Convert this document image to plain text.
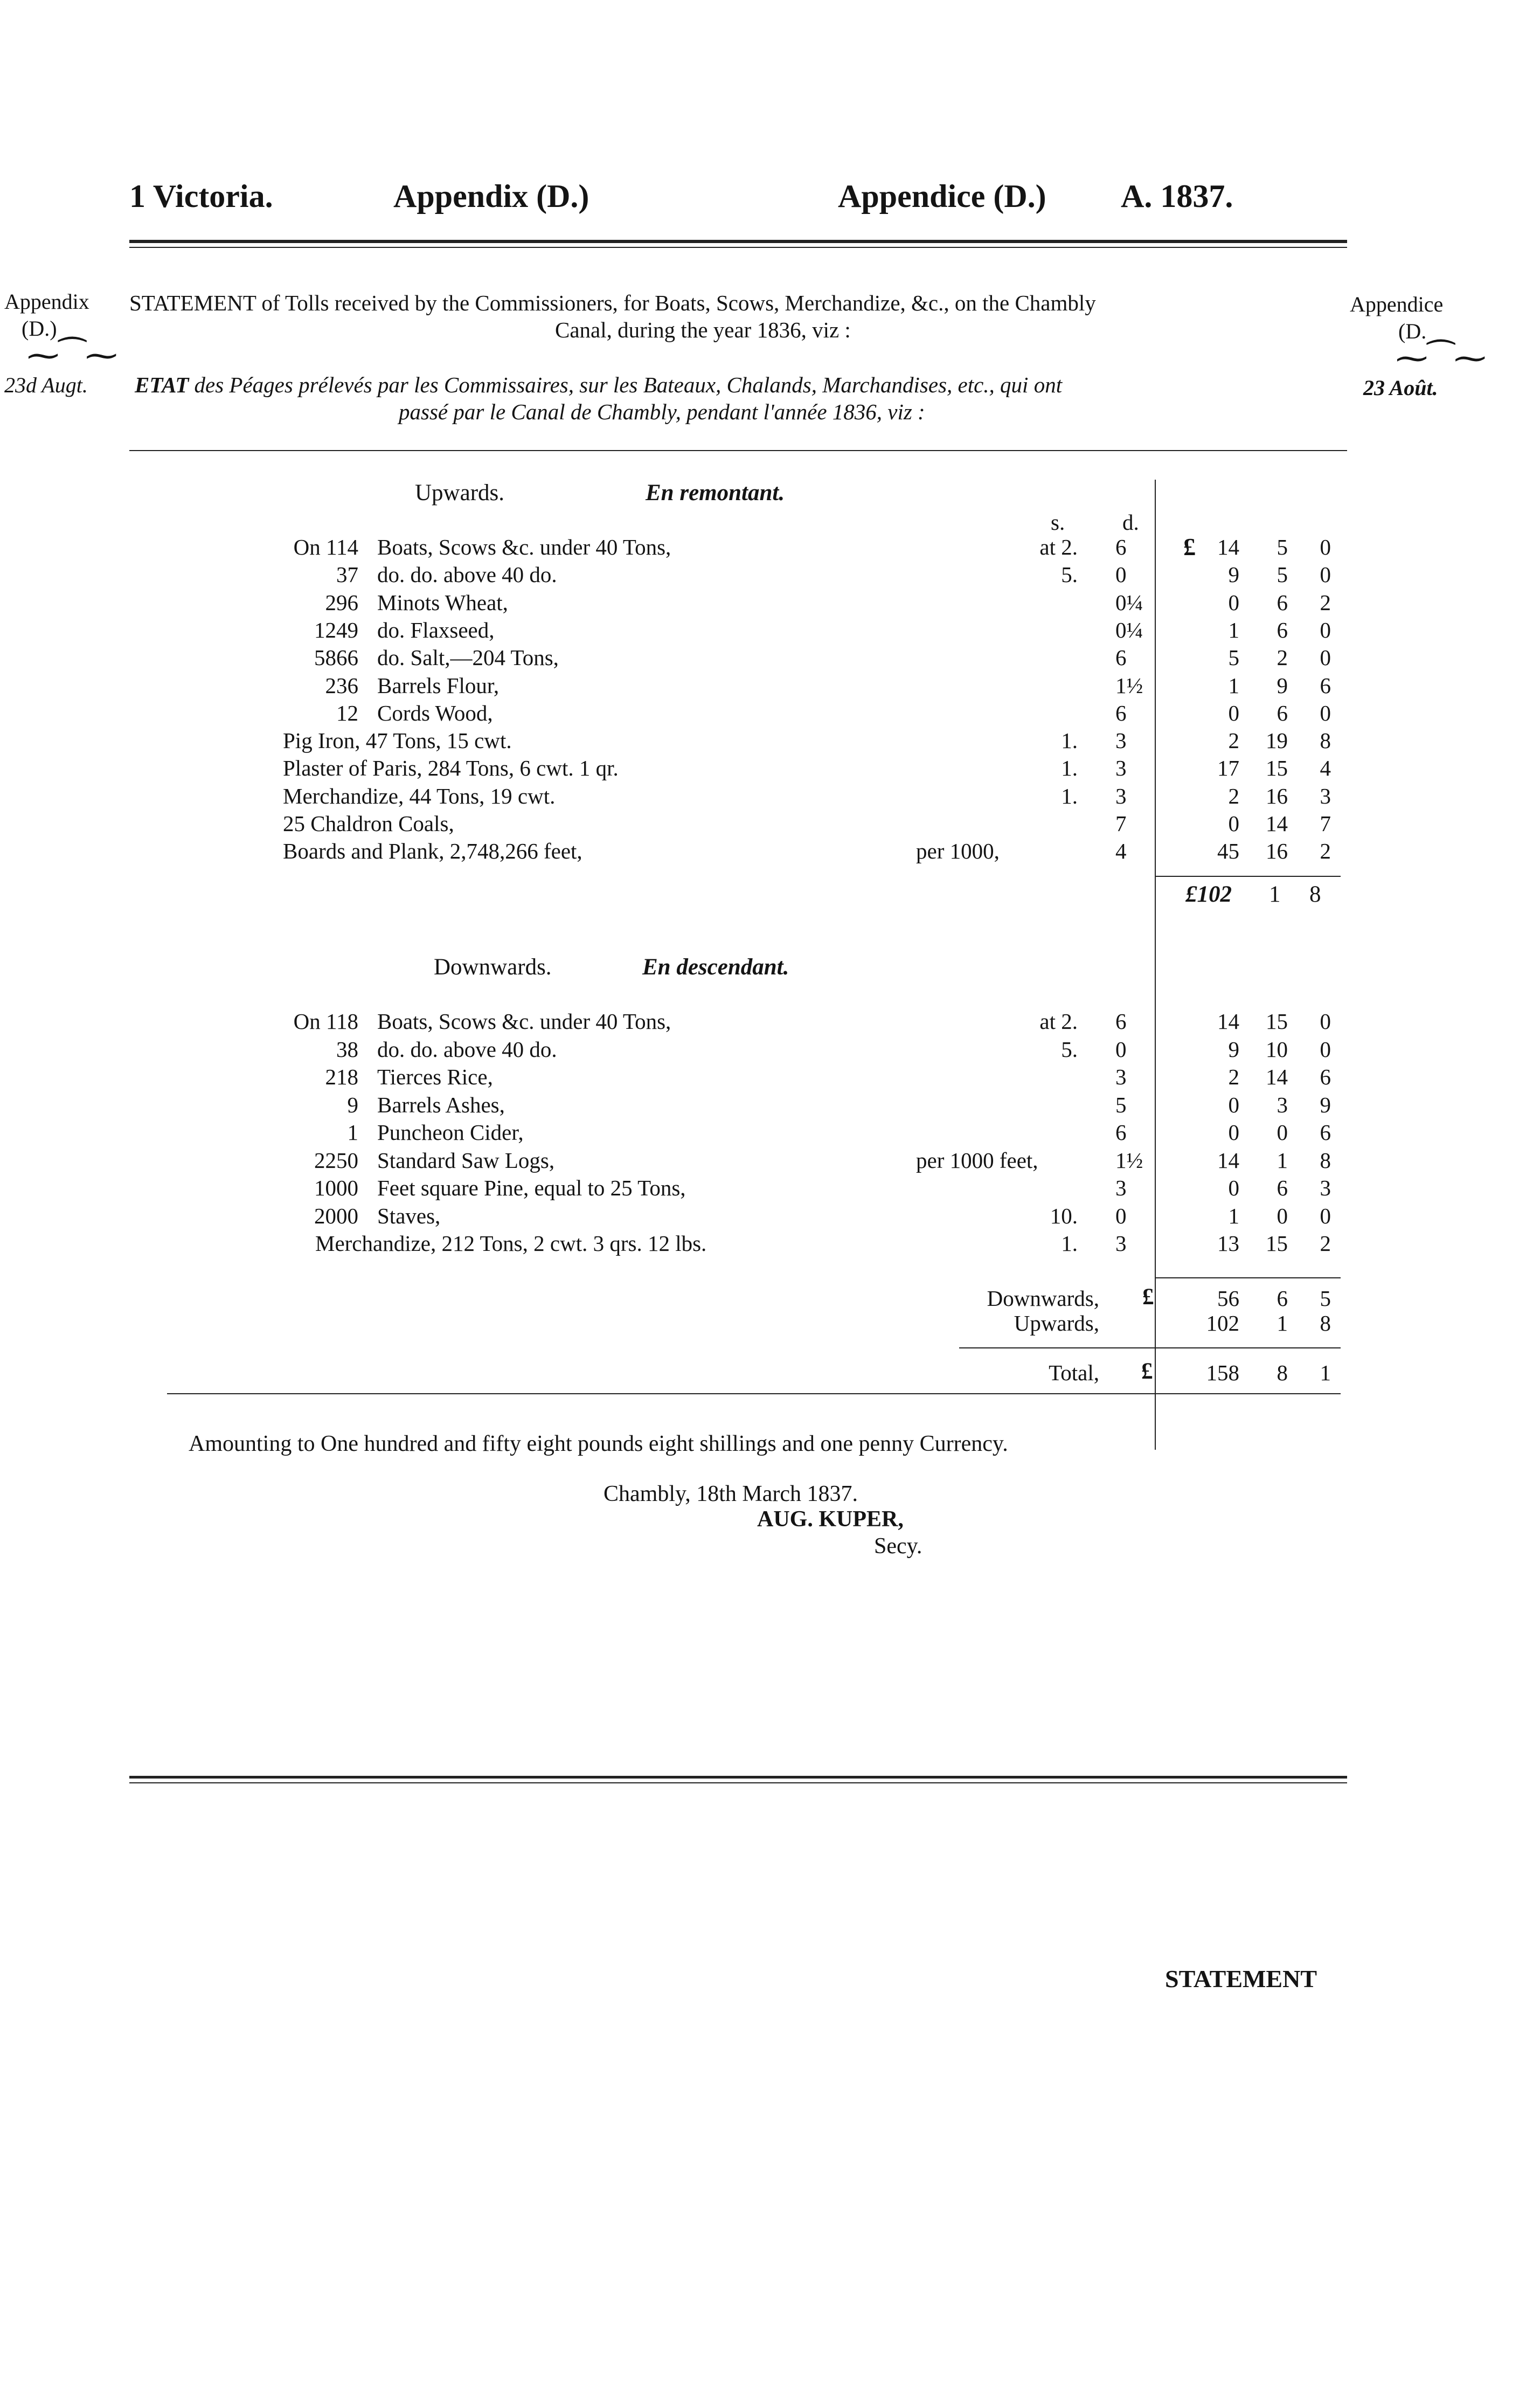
1 Victoria.	Appendix (D.)	Appendice (D.) A. 1837.
Appendix
(D.)
⁓⁀⁓
23d Augt.
Appendice
(D.
⁓⁀⁓
23 Août.
STATEMENT of Tolls received by the Commissioners, for Boats, Scows, Merchandize, &c., on the Chambly
Canal, during the year 1836, viz :
ETAT des Péages prélevés par les Commissaires, sur les Bateaux, Chalands, Marchandises, etc., qui ont
passé par le Canal de Chambly, pendant l'année 1836, viz :
Upwards.	En remontant.
s.	d.
£
On 114 Boats, Scows &c. under 40 Tons,	at 2. 6	14	5	0
37 do. do. above 40 do.	5. 0	9	5	0
296 Minots Wheat,	0¼	0	6	2
1249 do. Flaxseed,	0¼	1	6	0
5866 do. Salt,—204 Tons,	6	5	2	0
236 Barrels Flour,	1½	1	9	6
12 Cords Wood,	6	0	6	0
Pig Iron, 47 Tons, 15 cwt.	1. 3	2	19	8
Plaster of Paris, 284 Tons, 6 cwt. 1 qr.	1. 3	17	15	4
Merchandize, 44 Tons, 19 cwt.	1. 3	2	16	3
25 Chaldron Coals,	7	0	14	7
Boards and Plank, 2,748,266 feet,	per 1000,	4	45	16	2
£102 1 8
Downwards.	En descendant.
On 118 Boats, Scows &c. under 40 Tons,	at 2. 6	14	15	0
38 do. do. above 40 do.	5. 0	9	10	0
218 Tierces Rice,	3	2	14	6
9 Barrels Ashes,	5	0	3	9
1 Puncheon Cider,	6	0	0	6
2250 Standard Saw Logs,	per 1000 feet,	1½	14	1	8
1000 Feet square Pine, equal to 25 Tons,	3	0	6	3
2000 Staves,	10. 0	1	0	0
Merchandize, 212 Tons, 2 cwt. 3 qrs. 12 lbs.	1. 3	13	15	2
Downwards,	56	6	5
Upwards,	102	1	8
Total,	158	8	1
£
£
Amounting to One hundred and fifty eight pounds eight shillings and one penny Currency.
Chambly, 18th March 1837.
AUG. KUPER,
Secy.
STATEMENT
